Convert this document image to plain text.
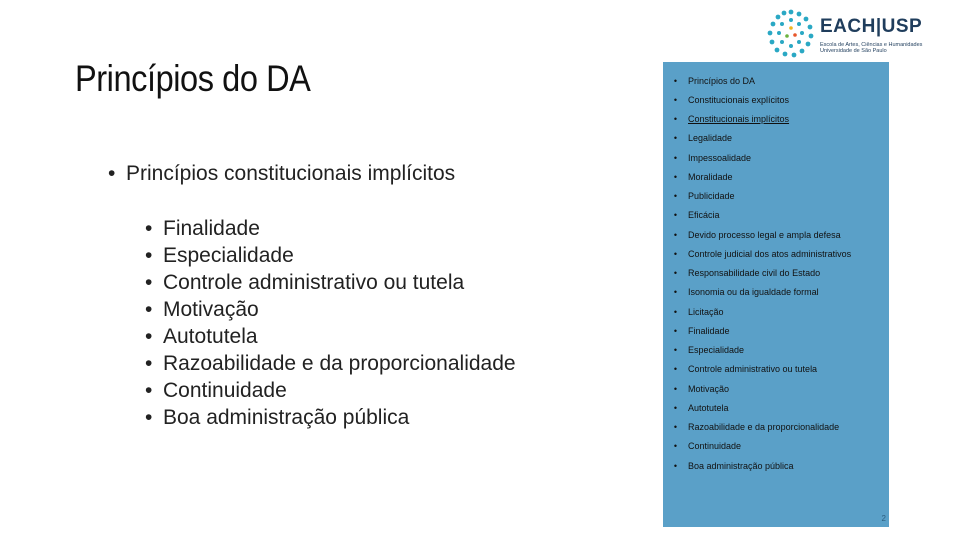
EACH|USP
Escola de Artes, Ciências e Humanidades
Universidade de São Paulo
Princípios do DA
• Princípios constitucionais implícitos
• Finalidade
• Especialidade
• Controle administrativo ou tutela
• Motivação
• Autotutela
• Razoabilidade e da proporcionalidade
• Continuidade
• Boa administração pública
•	Princípios do DA
•	Constitucionais explícitos
•	Constitucionais implícitos
•	Legalidade
•	Impessoalidade
•	Moralidade
•	Publicidade
•	Eficácia
•	Devido processo legal e ampla defesa
•	Controle judicial dos atos administrativos
•	Responsabilidade civil do Estado
•	Isonomia ou da igualdade formal
•	Licitação
•	Finalidade
•	Especialidade
•	Controle administrativo ou tutela
•	Motivação
•	Autotutela
•	Razoabilidade e da proporcionalidade
•	Continuidade
•	Boa administração pública
2
